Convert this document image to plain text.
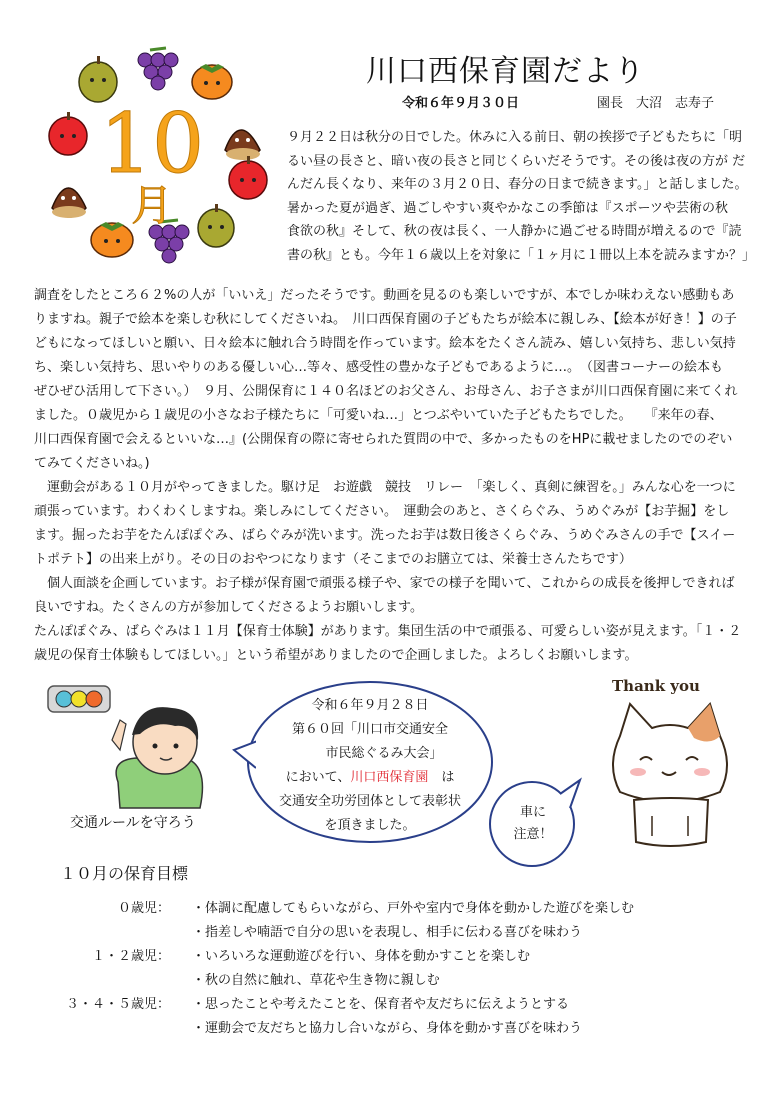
10
月
川口西保育園だより
令和６年９月３０日	園長　大沼　志寿子
９月２２日は秋分の日でした。休みに入る前日、朝の挨拶で子どもたちに「明
るい昼の長さと、暗い夜の長さと同じくらいだそうです。その後は夜の方が だ
んだん長くなり、来年の３月２０日、春分の日まで続きます。」と話しました。
暑かった夏が過ぎ、過ごしやすい爽やかなこの季節は『スポーツや芸術の秋
食欲の秋』そして、秋の夜は長く、一人静かに過ごせる時間が増えるので『読
書の秋』とも。今年１６歳以上を対象に「１ヶ月に１冊以上本を読みますか？」

調査をしたところ６２%の人が「いいえ」だったそうです。動画を見るのも楽しいですが、本でしか味わえない感動もあ

りますね。親子で絵本を楽しむ秋にしてくださいね。　川口西保育園の子どもたちが絵本に親しみ、【絵本が好き！】の子

どもになってほしいと願い、日々絵本に触れ合う時間を作っています。絵本をたくさん読み、嬉しい気持ち、悲しい気持

ち、楽しい気持ち、思いやりのある優しい心…等々、感受性の豊かな子どもであるように…。　（図書コーナーの絵本も

ぜひぜひ活用して下さい。）　９月、公開保育に１４０名ほどのお父さん、お母さん、お子さまが川口西保育園に来てくれ

ました。０歳児から１歳児の小さなお子様たちに「可愛いね…」とつぶやいていた子どもたちでした。　　『来年の春、

川口西保育園で会えるといいな…』(公開保育の際に寄せられた質問の中で、多かったものをHPに載せましたのでのぞい

てみてくださいね。)

　運動会がある１０月がやってきました。駆け足　お遊戯　競技　リレー　「楽しく、真剣に練習を。」みんな心を一つに

頑張っています。わくわくしますね。楽しみにしてください。　運動会のあと、さくらぐみ、うめぐみが【お芋掘】をし

ます。掘ったお芋をたんぽぽぐみ、ばらぐみが洗います。洗ったお芋は数日後さくらぐみ、うめぐみさんの手で【スイー

トポテト】の出来上がり。その日のおやつになります（そこまでのお膳立ては、栄養士さんたちです）

　個人面談を企画しています。お子様が保育園で頑張る様子や、家での様子を聞いて、これからの成長を後押しできれば

良いですね。たくさんの方が参加してくださるようお願いします。

たんぽぽぐみ、ばらぐみは１１月【保育士体験】があります。集団生活の中で頑張る、可愛らしい姿が見えます。「１・２

歳児の保育士体験もしてほしい。」という希望がありましたので企画しました。よろしくお願いします。

交通ルールを守ろう
令和６年９月２８日
第６０回「川口市交通安全
市民総ぐるみ大会」
において、川口西保育園　は
交通安全功労団体として表彰状
を頂きました。
車に
注意！
Thank you
１０月の保育目標
０歳児： ・体調に配慮してもらいながら、戸外や室内で身体を動かした遊びを楽しむ
・指差しや喃語で自分の思いを表現し、相手に伝わる喜びを味わう
１・２歳児： ・いろいろな運動遊びを行い、身体を動かすことを楽しむ
・秋の自然に触れ、草花や生き物に親しむ
３・４・５歳児： ・思ったことや考えたことを、保育者や友だちに伝えようとする
・運動会で友だちと協力し合いながら、身体を動かす喜びを味わう
